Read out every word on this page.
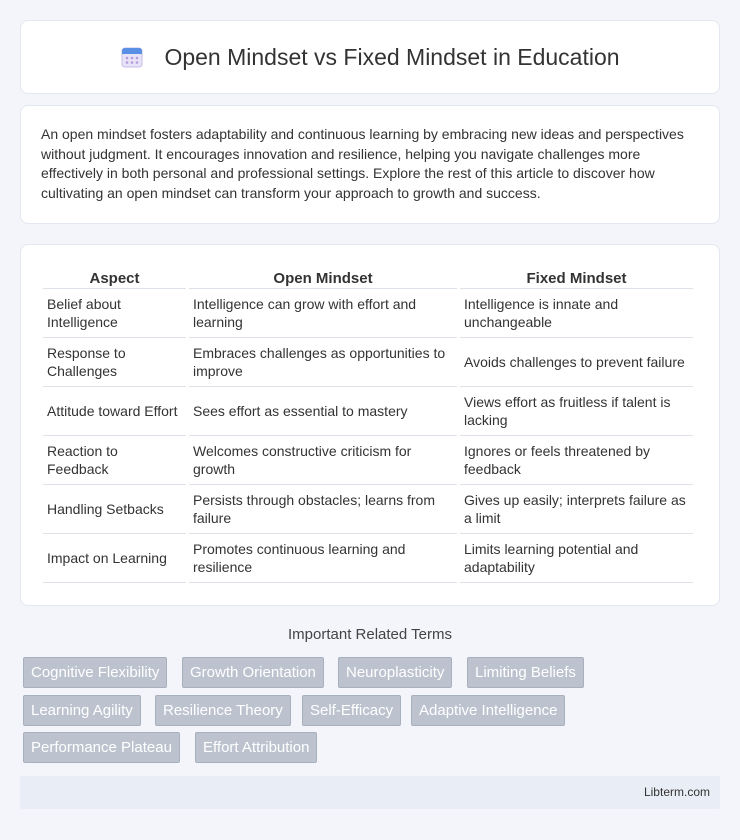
Open Mindset vs Fixed Mindset in Education

An open mindset fosters adaptability and continuous learning by embracing new ideas and perspectives without judgment. It encourages innovation and resilience, helping you navigate challenges more effectively in both personal and professional settings. Explore the rest of this article to discover how cultivating an open mindset can transform your approach to growth and success.

Aspect	Open Mindset	Fixed Mindset
Belief about Intelligence	Intelligence can grow with effort and learning	Intelligence is innate and unchangeable
Response to Challenges	Embraces challenges as opportunities to improve	Avoids challenges to prevent failure
Attitude toward Effort	Sees effort as essential to mastery	Views effort as fruitless if talent is lacking
Reaction to Feedback	Welcomes constructive criticism for growth	Ignores or feels threatened by feedback
Handling Setbacks	Persists through obstacles; learns from failure	Gives up easily; interprets failure as a limit
Impact on Learning	Promotes continuous learning and resilience	Limits learning potential and adaptability
Important Related Terms
Cognitive Flexibility	Growth Orientation	Neuroplasticity	Limiting Beliefs
Learning Agility	Resilience Theory	Self-Efficacy	Adaptive Intelligence
Performance Plateau	Effort Attribution
Libterm.com
